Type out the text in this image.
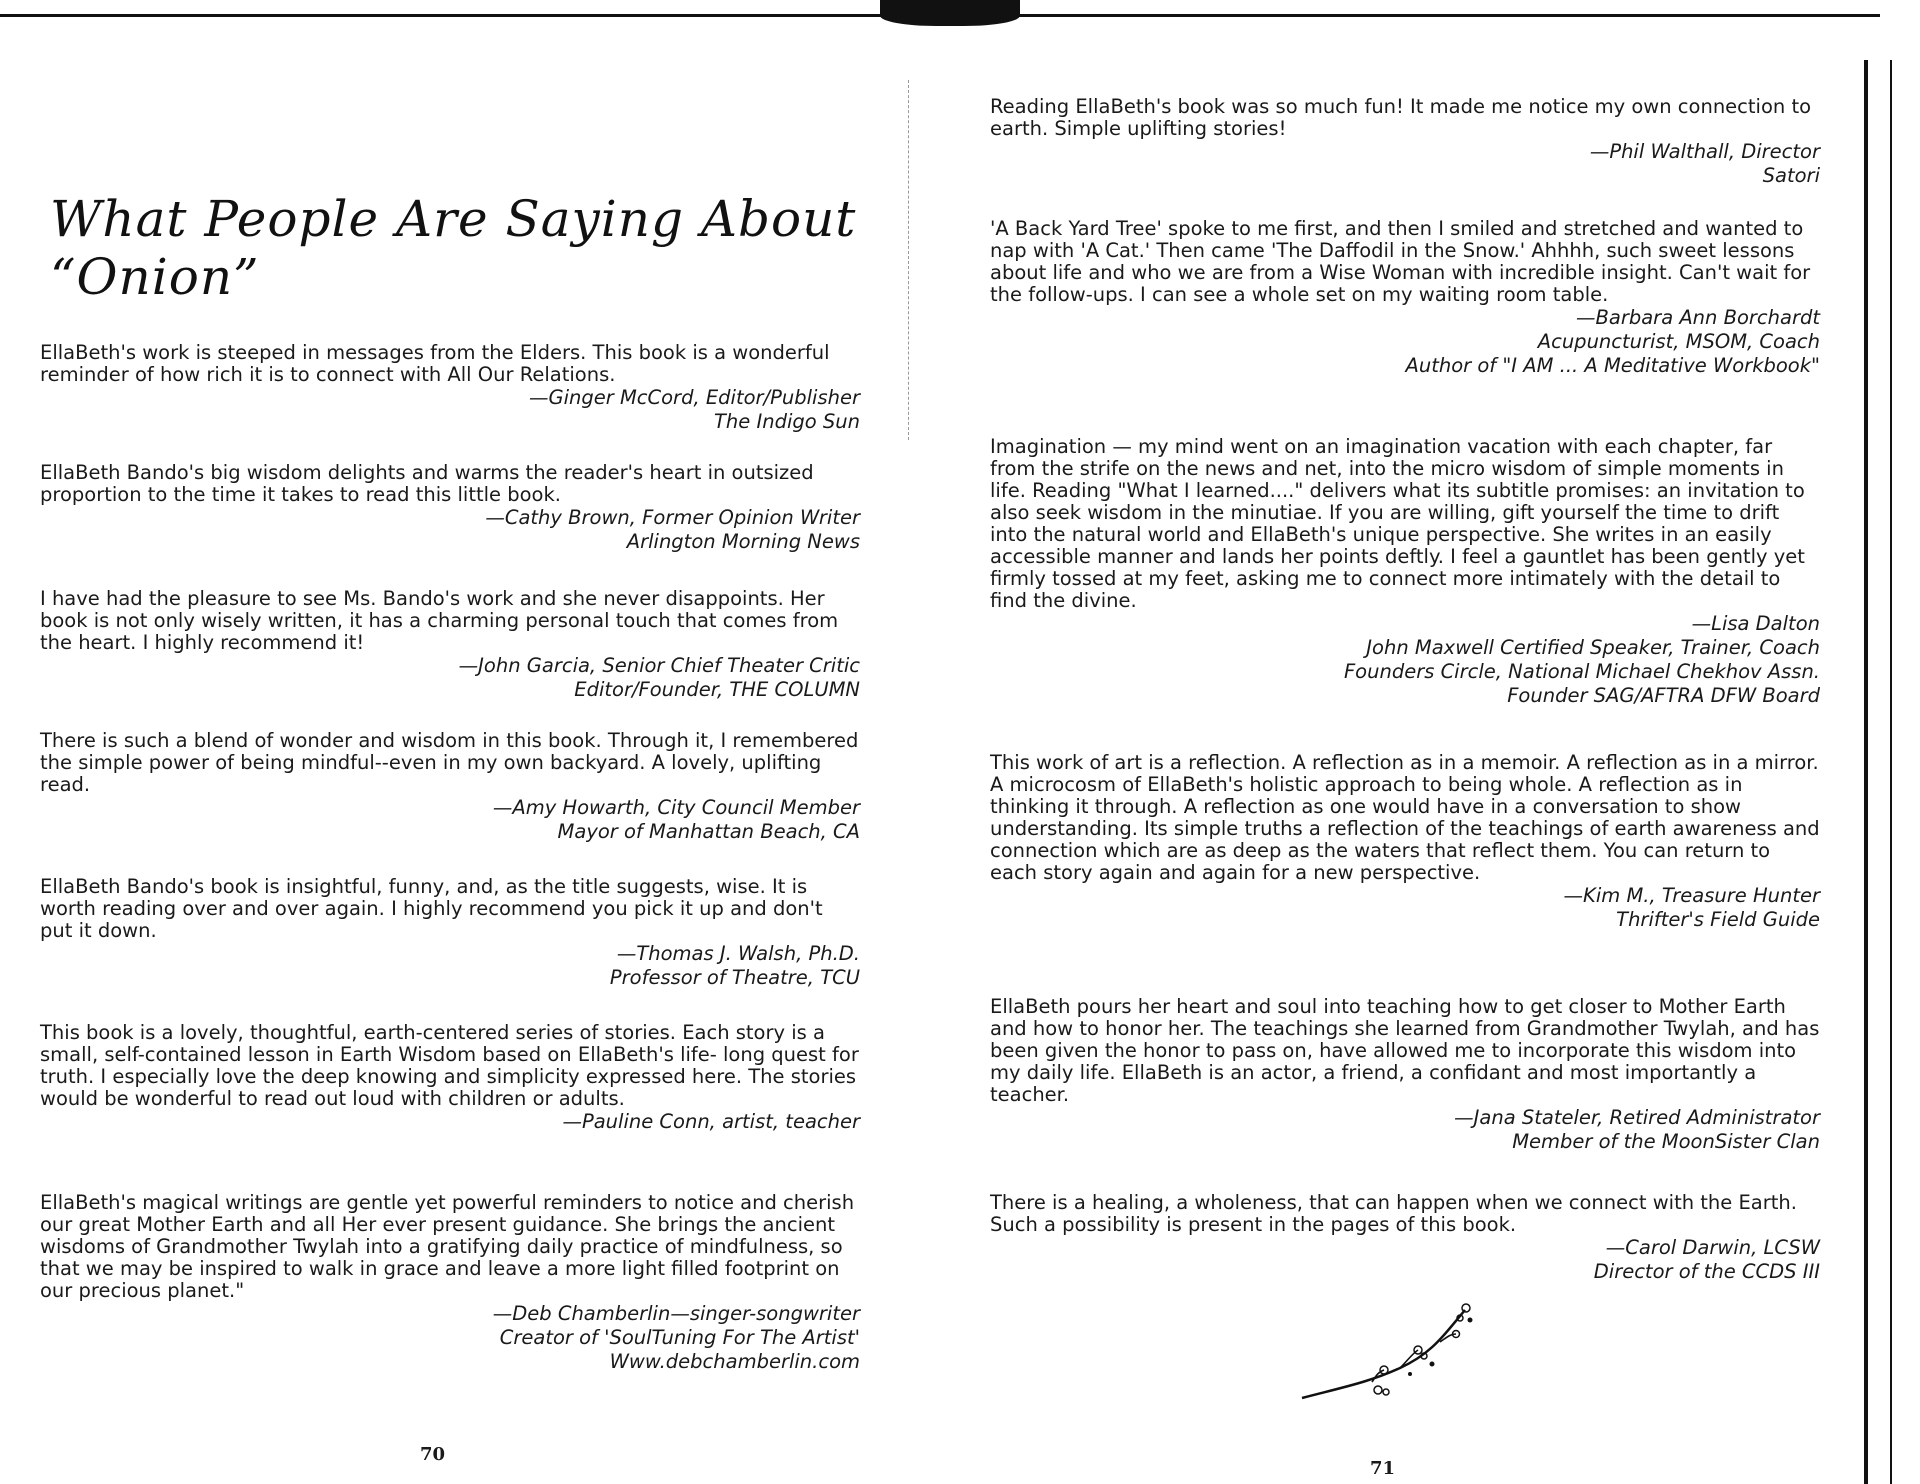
What People Are Saying About “Onion”

EllaBeth's work is steeped in messages from the Elders. This book is a wonderful reminder of how rich it is to connect with All Our Relations.

—Ginger McCord, Editor/Publisher

The Indigo Sun

EllaBeth Bando's big wisdom delights and warms the reader's heart in outsized proportion to the time it takes to read this little book.

—Cathy Brown, Former Opinion Writer

Arlington Morning News

I have had the pleasure to see Ms. Bando's work and she never disappoints. Her book is not only wisely written, it has a charming personal touch that comes from the heart. I highly recommend it!

—John Garcia, Senior Chief Theater Critic

Editor/Founder, THE COLUMN

There is such a blend of wonder and wisdom in this book. Through it, I remembered the simple power of being mindful--even in my own backyard. A lovely, uplifting read.

—Amy Howarth, City Council Member

Mayor of Manhattan Beach, CA

EllaBeth Bando's book is insightful, funny, and, as the title suggests, wise. It is worth reading over and over again. I highly recommend you pick it up and don't put it down.

—Thomas J. Walsh, Ph.D.

Professor of Theatre, TCU

This book is a lovely, thoughtful, earth-centered series of stories. Each story is a small, self-contained lesson in Earth Wisdom based on EllaBeth's life- long quest for truth. I especially love the deep knowing and simplicity expressed here. The stories would be wonderful to read out loud with children or adults.

—Pauline Conn, artist, teacher

EllaBeth's magical writings are gentle yet powerful reminders to notice and cherish our great Mother Earth and all Her ever present guidance. She brings the ancient wisdoms of Grandmother Twylah into a gratifying daily practice of mindfulness, so that we may be inspired to walk in grace and leave a more light filled footprint on our precious planet."

—Deb Chamberlin—singer-songwriter

Creator of 'SoulTuning For The Artist'

Www.debchamberlin.com

70

Reading EllaBeth's book was so much fun! It made me notice my own connection to earth. Simple uplifting stories!

—Phil Walthall, Director

Satori

'A Back Yard Tree' spoke to me first, and then I smiled and stretched and wanted to nap with 'A Cat.' Then came 'The Daffodil in the Snow.' Ahhhh, such sweet lessons about life and who we are from a Wise Woman with incredible insight. Can't wait for the follow-ups. I can see a whole set on my waiting room table.

—Barbara Ann Borchardt

Acupuncturist, MSOM, Coach

Author of "I AM ... A Meditative Workbook"

Imagination — my mind went on an imagination vacation with each chapter, far from the strife on the news and net, into the micro wisdom of simple moments in life. Reading "What I learned...." delivers what its subtitle promises: an invitation to also seek wisdom in the minutiae. If you are willing, gift yourself the time to drift into the natural world and EllaBeth's unique perspective. She writes in an easily accessible manner and lands her points deftly. I feel a gauntlet has been gently yet firmly tossed at my feet, asking me to connect more intimately with the detail to find the divine.

—Lisa Dalton

John Maxwell Certified Speaker, Trainer, Coach

Founders Circle, National Michael Chekhov Assn.

Founder SAG/AFTRA DFW Board

This work of art is a reflection. A reflection as in a memoir. A reflection as in a mirror. A microcosm of EllaBeth's holistic approach to being whole. A reflection as in thinking it through. A reflection as one would have in a conversation to show understanding. Its simple truths a reflection of the teachings of earth awareness and connection which are as deep as the waters that reflect them. You can return to each story again and again for a new perspective.

—Kim M., Treasure Hunter

Thrifter's Field Guide

EllaBeth pours her heart and soul into teaching how to get closer to Mother Earth and how to honor her. The teachings she learned from Grandmother Twylah, and has been given the honor to pass on, have allowed me to incorporate this wisdom into my daily life. EllaBeth is an actor, a friend, a confidant and most importantly a teacher.

—Jana Stateler, Retired Administrator

Member of the MoonSister Clan

There is a healing, a wholeness, that can happen when we connect with the Earth. Such a possibility is present in the pages of this book.

—Carol Darwin, LCSW

Director of the CCDS III

71
